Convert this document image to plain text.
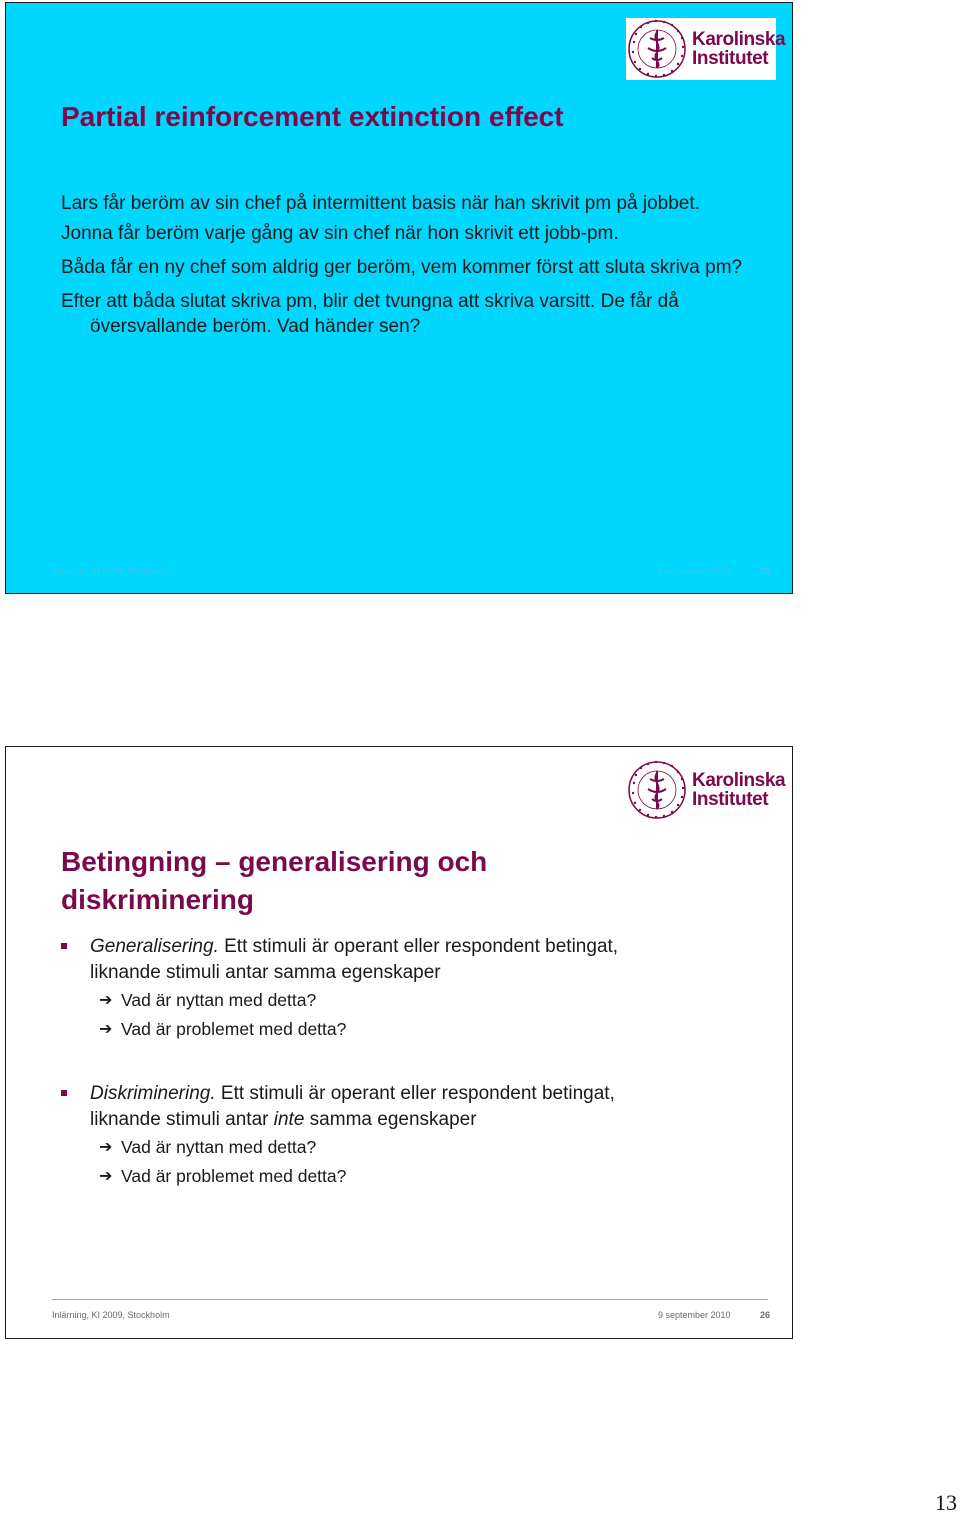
Karolinska
Institutet
Partial reinforcement extinction effect

Lars får beröm av sin chef på intermittent basis när han skrivit pm på jobbet.

Jonna får beröm varje gång av sin chef när hon skrivit ett jobb-pm.

Båda får en ny chef som aldrig ger beröm, vem kommer först att sluta skriva pm?

Efter att båda slutat skriva pm, blir det tvungna att skriva varsitt. De får då översvallande beröm. Vad händer sen?

Inlärning, KI 2009, Stockholm	9 september 2010	25
Karolinska
Institutet
Betingning – generalisering och
diskriminering
Generalisering. Ett stimuli är operant eller respondent betingat,
liknande stimuli antar samma egenskaper
➔ Vad är nyttan med detta?
➔ Vad är problemet med detta?
Diskriminering. Ett stimuli är operant eller respondent betingat,
liknande stimuli antar inte samma egenskaper
➔ Vad är nyttan med detta?
➔ Vad är problemet med detta?
Inlärning, KI 2009, Stockholm	9 september 2010	26
13
